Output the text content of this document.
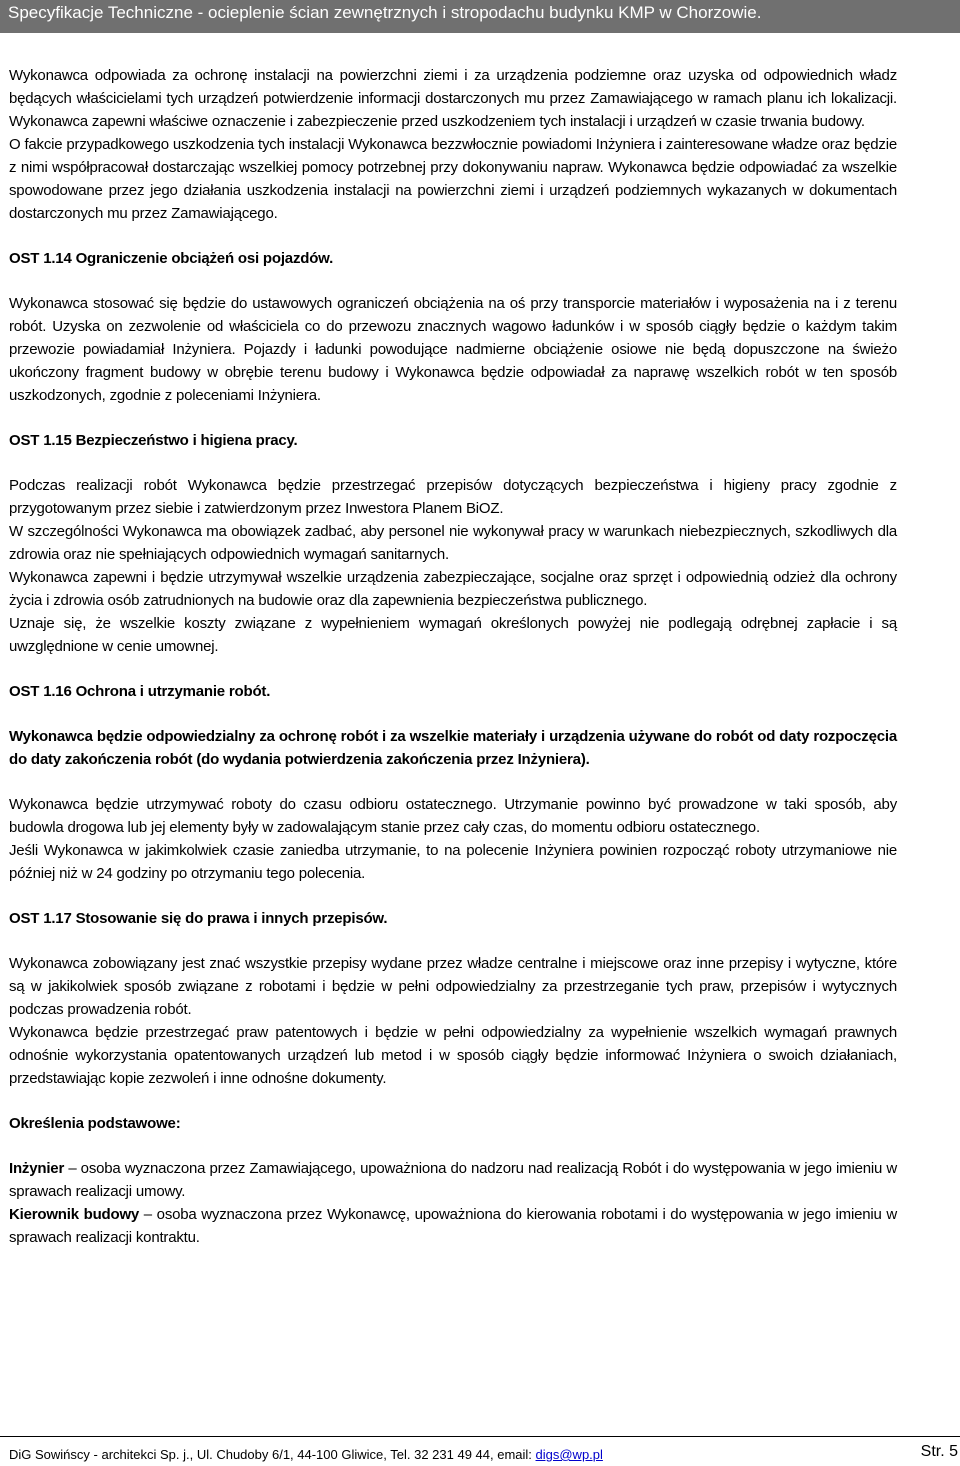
Specyfikacje Techniczne - ocieplenie ścian zewnętrznych i stropodachu budynku KMP w Chorzowie.

Wykonawca odpowiada za ochronę instalacji na powierzchni ziemi i za urządzenia podziemne oraz uzyska od odpowiednich władz będących właścicielami tych urządzeń potwierdzenie informacji dostarczonych mu przez Zamawiającego w ramach planu ich lokalizacji. Wykonawca zapewni właściwe oznaczenie i zabezpieczenie przed uszkodzeniem tych instalacji i urządzeń w czasie trwania budowy.

O fakcie przypadkowego uszkodzenia tych instalacji Wykonawca bezzwłocznie powiadomi Inżyniera i zainteresowane władze oraz będzie z nimi współpracował dostarczając wszelkiej pomocy potrzebnej przy dokonywaniu napraw. Wykonawca będzie odpowiadać za wszelkie spowodowane przez jego działania uszkodzenia instalacji na powierzchni ziemi i urządzeń podziemnych wykazanych w dokumentach dostarczonych mu przez Zamawiającego.

OST 1.14 Ograniczenie obciążeń osi pojazdów.

Wykonawca stosować się będzie do ustawowych ograniczeń obciążenia na oś przy transporcie materiałów i wyposażenia na i z terenu robót. Uzyska on zezwolenie od właściciela co do przewozu znacznych wagowo ładunków i w sposób ciągły będzie o każdym takim przewozie powiadamiał Inżyniera. Pojazdy i ładunki powodujące nadmierne obciążenie osiowe nie będą dopuszczone na świeżo ukończony fragment budowy w obrębie terenu budowy i Wykonawca będzie odpowiadał za naprawę wszelkich robót w ten sposób uszkodzonych, zgodnie z poleceniami Inżyniera.

OST 1.15 Bezpieczeństwo i higiena pracy.

Podczas realizacji robót Wykonawca będzie przestrzegać przepisów dotyczących bezpieczeństwa i higieny pracy zgodnie z przygotowanym przez siebie i zatwierdzonym przez Inwestora Planem BiOZ.

W szczególności Wykonawca ma obowiązek zadbać, aby personel nie wykonywał pracy w warunkach niebezpiecznych, szkodliwych dla zdrowia oraz nie spełniających odpowiednich wymagań sanitarnych.

Wykonawca zapewni i będzie utrzymywał wszelkie urządzenia zabezpieczające, socjalne oraz sprzęt i odpowiednią odzież dla ochrony życia i zdrowia osób zatrudnionych na budowie oraz dla zapewnienia bezpieczeństwa publicznego.

Uznaje się, że wszelkie koszty związane z wypełnieniem wymagań określonych powyżej nie podlegają odrębnej zapłacie i są uwzględnione w cenie umownej.

OST 1.16 Ochrona i utrzymanie robót.

Wykonawca będzie odpowiedzialny za ochronę robót i za wszelkie materiały i urządzenia używane do robót od daty rozpoczęcia do daty zakończenia robót (do wydania potwierdzenia zakończenia przez Inżyniera).

Wykonawca będzie utrzymywać roboty do czasu odbioru ostatecznego. Utrzymanie powinno być prowadzone w taki sposób, aby budowla drogowa lub jej elementy były w zadowalającym stanie przez cały czas, do momentu odbioru ostatecznego.

Jeśli Wykonawca w jakimkolwiek czasie zaniedba utrzymanie, to na polecenie Inżyniera powinien rozpocząć roboty utrzymaniowe nie później niż w 24 godziny po otrzymaniu tego polecenia.

OST 1.17 Stosowanie się do prawa i innych przepisów.

Wykonawca zobowiązany jest znać wszystkie przepisy wydane przez władze centralne i miejscowe oraz inne przepisy i wytyczne, które są w jakikolwiek sposób związane z robotami i będzie w pełni odpowiedzialny za przestrzeganie tych praw, przepisów i wytycznych podczas prowadzenia robót.

Wykonawca będzie przestrzegać praw patentowych i będzie w pełni odpowiedzialny za wypełnienie wszelkich wymagań prawnych odnośnie wykorzystania opatentowanych urządzeń lub metod i w sposób ciągły będzie informować Inżyniera o swoich działaniach, przedstawiając kopie zezwoleń i inne odnośne dokumenty.

Określenia podstawowe:

Inżynier – osoba wyznaczona przez Zamawiającego, upoważniona do nadzoru nad realizacją Robót i do występowania w jego imieniu w sprawach realizacji umowy.

Kierownik budowy – osoba wyznaczona przez Wykonawcę, upoważniona do kierowania robotami i do występowania w jego imieniu w sprawach realizacji kontraktu.

DiG Sowińscy - architekci Sp. j., Ul. Chudoby 6/1, 44-100 Gliwice, Tel. 32 231 49 44, email: digs@wp.pl	Str. 5
